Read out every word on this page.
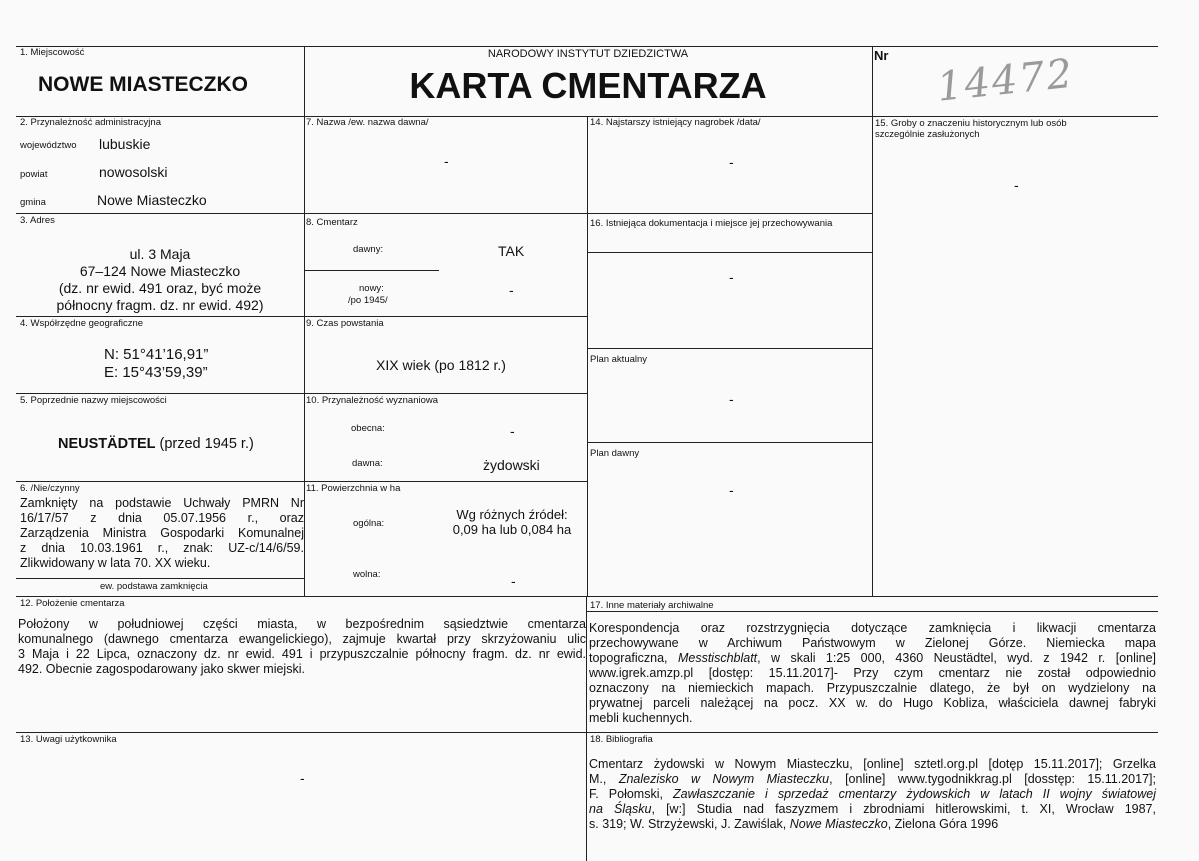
1. Miejscowość
NOWE MIASTECZKO
NARODOWY INSTYTUT DZIEDZICTWA
KARTA CMENTARZA
Nr 14472
2. Przynależność administracyjna
województwo lubuskie
powiat	nowosolski
gmina	Nowe Miasteczko
3. Adres
ul. 3 Maja
67–124 Nowe Miasteczko
(dz. nr ewid. 491 oraz, być może
północny fragm. dz. nr ewid. 492)
4. Współrzędne geograficzne
N: 51°41’16,91”
E: 15°43’59,39”
5. Poprzednie nazwy miejscowości
NEUSTÄDTEL (przed 1945 r.)
6. /Nie/czynny
Zamknięty na podstawie Uchwały PMRN Nr
16/17/57 z dnia 05.07.1956 r., oraz
Zarządzenia Ministra Gospodarki Komunalnej
z dnia 10.03.1961 r., znak: UZ-c/14/6/59.
Zlikwidowany w lata 70. XX wieku.
ew. podstawa zamknięcia
7. Nazwa /ew. nazwa dawna/
-
8. Cmentarz
dawny:	TAK
nowy:
/po 1945/
-
9. Czas powstania
XIX wiek (po 1812 r.)
10. Przynależność wyznaniowa
obecna:	-
dawna:	żydowski
11. Powierzchnia w ha
ogólna:
Wg różnych źródeł:
0,09 ha lub 0,084 ha
wolna:	-
14. Najstarszy istniejący nagrobek /data/
-
16. Istniejąca dokumentacja i miejsce jej przechowywania
-
Plan aktualny
-
Plan dawny
-
15. Groby o znaczeniu historycznym lub osób szczególnie zasłużonych
-
12. Położenie cmentarza
Położony w południowej części miasta, w bezpośrednim sąsiedztwie cmentarza
komunalnego (dawnego cmentarza ewangelickiego), zajmuje kwartał przy skrzyżowaniu ulic
3 Maja i 22 Lipca, oznaczony dz. nr ewid. 491 i przypuszczalnie północny fragm. dz. nr ewid.
492. Obecnie zagospodarowany jako skwer miejski.
13. Uwagi użytkownika
-
17. Inne materiały archiwalne
Korespondencja oraz rozstrzygnięcia dotyczące zamknięcia i likwacji cmentarza
przechowywane w Archiwum Państwowym w Zielonej Górze. Niemiecka mapa
topograficzna, Messtischblatt, w skali 1:25 000, 4360 Neustädtel, wyd. z 1942 r. [online]
www.igrek.amzp.pl [dostęp: 15.11.2017]- Przy czym cmentarz nie został odpowiednio
oznaczony na niemieckich mapach. Przypuszczalnie dlatego, że był on wydzielony na
prywatnej parceli należącej na pocz. XX w. do Hugo Kobliza, właściciela dawnej fabryki
mebli kuchennych.
18. Bibliografia
Cmentarz żydowski w Nowym Miasteczku, [online] sztetl.org.pl [dotęp 15.11.2017]; Grzelka
M., Znalezisko w Nowym Miasteczku, [online] www.tygodnikkrag.pl [dosstęp: 15.11.2017];
F. Połomski, Zawłaszczanie i sprzedaż cmentarzy żydowskich w latach II wojny światowej
na Śląsku, [w:] Studia nad faszyzmem i zbrodniami hitlerowskimi, t. XI, Wrocław 1987,
s. 319; W. Strzyżewski, J. Zawiślak, Nowe Miasteczko, Zielona Góra 1996
